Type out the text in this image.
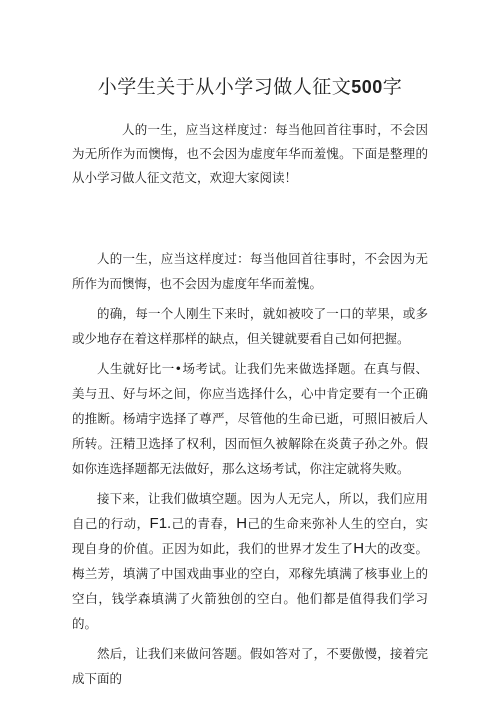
小学生关于从小学习做人征文500字

人的一生，应当这样度过：每当他回首往事时，不会因为无所作为而懊悔，也不会因为虚度年华而羞愧。下面是整理的从小学习做人征文范文，欢迎大家阅读！

人的一生，应当这样度过：每当他回首往事时，不会因为无所作为而懊悔，也不会因为虚度年华而羞愧。

的确，每一个人刚生下来时，就如被咬了一口的苹果，或多或少地存在着这样那样的缺点，但关键就要看自己如何把握。

人生就好比一•场考试。让我们先来做选择题。在真与假、美与丑、好与坏之间，你应当选择什么，心中肯定要有一个正确的推断。杨靖宇选择了尊严，尽管他的生命已逝，可照旧被后人所转。汪精卫选择了权利，因而恒久被解除在炎黄子孙之外。假如你连选择题都无法做好，那么这场考试，你注定就将失败。

接下来，让我们做填空题。因为人无完人，所以，我们应用自己的行动，F1.己的青春，H己的生命来弥补人生的空白，实现自身的价值。正因为如此，我们的世界才发生了H大的改变。梅兰芳，填满了中国戏曲事业的空白，邓稼先填满了核事业上的空白，钱学森填满了火箭独创的空白。他们都是值得我们学习的。

然后，让我们来做问答题。假如答对了，不要傲慢，接着完成下面的
